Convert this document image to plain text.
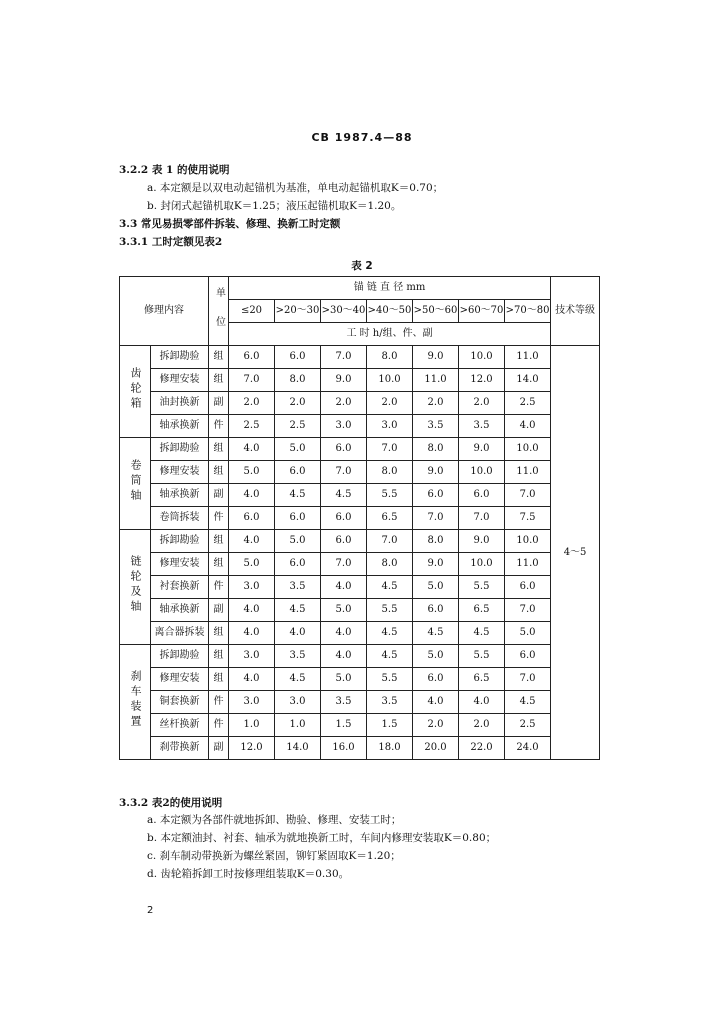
CB 1987.4—88
3.2.2 表 1 的使用说明
a. 本定额是以双电动起锚机为基准，单电动起锚机取K＝0.70；
b. 封闭式起锚机取K＝1.25；液压起锚机取K＝1.20。
3.3 常见易损零部件拆装、修理、换新工时定额
3.3.1 工时定额见表2
表 2
修理内容		单 位	锚 链 直 径 mm							技术等级
			≤20	>20～30	>30～40	>40～50	>50～60	>60～70	>70～80	
			工 时 h/组、件、副							
齿轮箱	拆卸勘验	组	6.0	6.0	7.0	8.0	9.0	10.0	11.0	4～5
	修理安装	组	7.0	8.0	9.0	10.0	11.0	12.0	14.0	
	油封换新	副	2.0	2.0	2.0	2.0	2.0	2.0	2.5	
	轴承换新	件	2.5	2.5	3.0	3.0	3.5	3.5	4.0	
卷筒轴	拆卸勘验	组	4.0	5.0	6.0	7.0	8.0	9.0	10.0	
	修理安装	组	5.0	6.0	7.0	8.0	9.0	10.0	11.0	
	轴承换新	副	4.0	4.5	4.5	5.5	6.0	6.0	7.0	
	卷筒拆装	件	6.0	6.0	6.0	6.5	7.0	7.0	7.5	
链轮及轴	拆卸勘验	组	4.0	5.0	6.0	7.0	8.0	9.0	10.0	
	修理安装	组	5.0	6.0	7.0	8.0	9.0	10.0	11.0	
	衬套换新	件	3.0	3.5	4.0	4.5	5.0	5.5	6.0	
	轴承换新	副	4.0	4.5	5.0	5.5	6.0	6.5	7.0	
	离合器拆装	组	4.0	4.0	4.0	4.5	4.5	4.5	5.0	
刹车装置	拆卸勘验	组	3.0	3.5	4.0	4.5	5.0	5.5	6.0	
	修理安装	组	4.0	4.5	5.0	5.5	6.0	6.5	7.0	
	铜套换新	件	3.0	3.0	3.5	3.5	4.0	4.0	4.5	
	丝杆换新	件	1.0	1.0	1.5	1.5	2.0	2.0	2.5	
	刹带换新	副	12.0	14.0	16.0	18.0	20.0	22.0	24.0	
3.3.2 表2的使用说明
a. 本定额为各部件就地拆卸、勘验、修理、安装工时；
b. 本定额油封、衬套、轴承为就地换新工时，车间内修理安装取K＝0.80；
c. 刹车制动带换新为螺丝紧固，铆钉紧固取K＝1.20；
d. 齿轮箱拆卸工时按修理组装取K＝0.30。
2
